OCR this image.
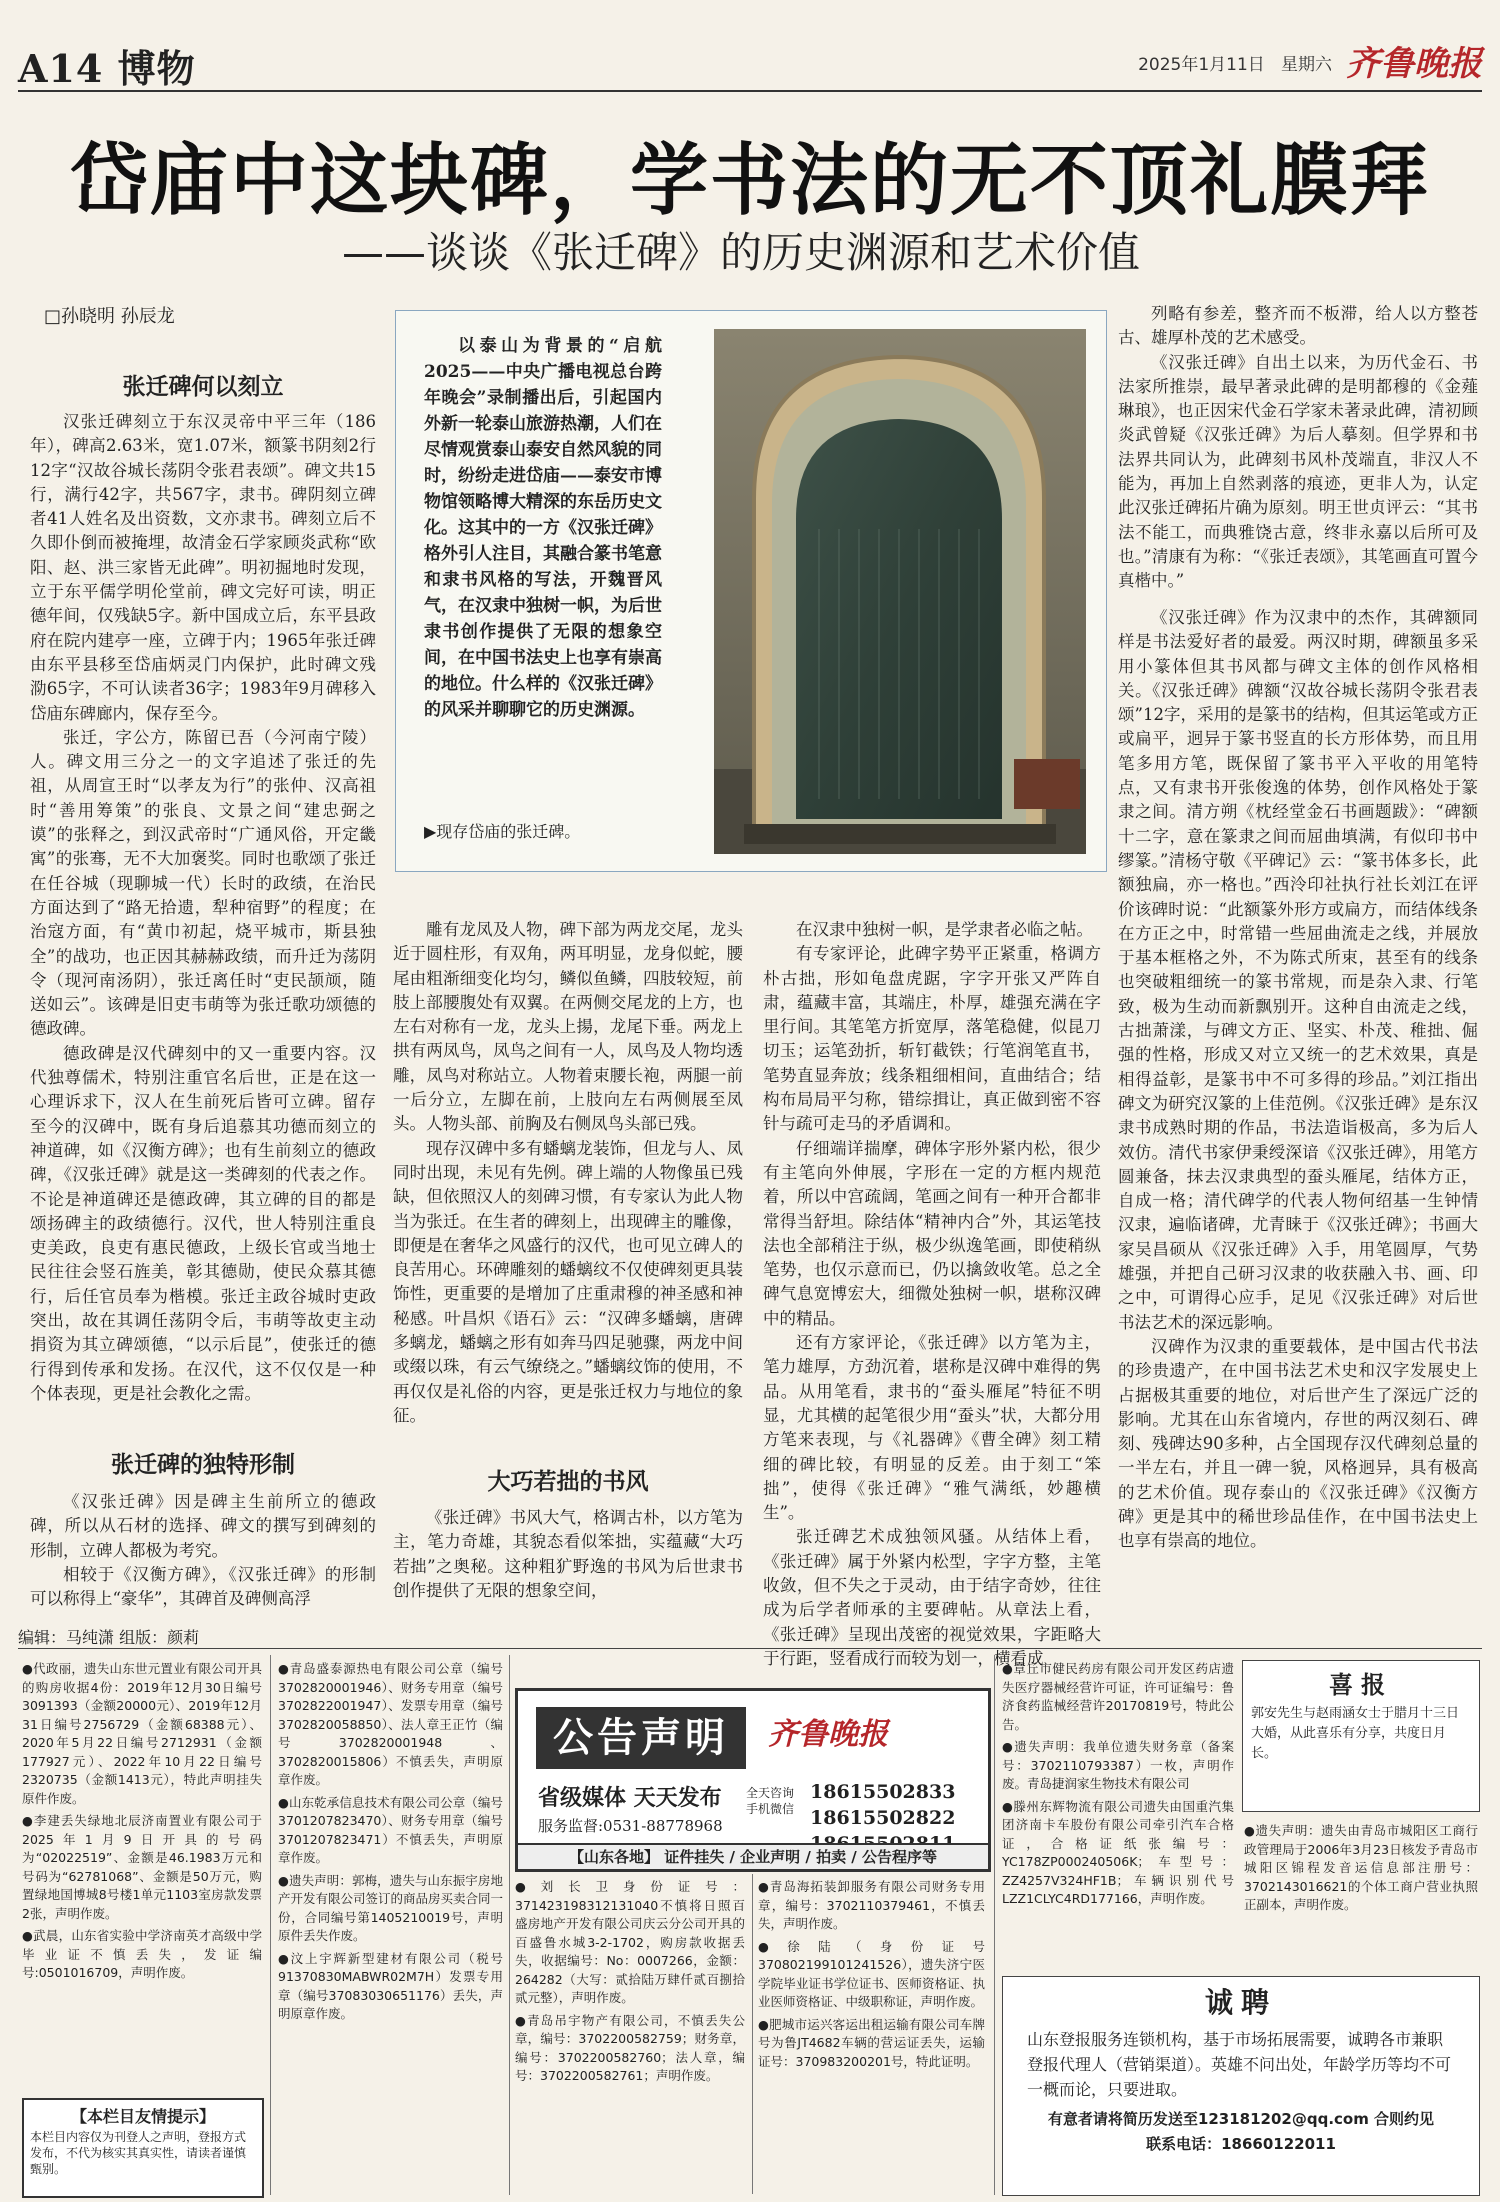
A14 博物	2025年1月11日 星期六 齐鲁晚报
岱庙中这块碑，学书法的无不顶礼膜拜
——谈谈《张迁碑》的历史渊源和艺术价值
□孙晓明 孙辰龙
张迁碑何以刻立

汉张迁碑刻立于东汉灵帝中平三年（186年），碑高2.63米，宽1.07米，额篆书阴刻2行12字“汉故谷城长荡阴令张君表颂”。碑文共15行，满行42字，共567字，隶书。碑阴刻立碑者41人姓名及出资数，文亦隶书。碑刻立后不久即仆倒而被掩埋，故清金石学家顾炎武称“欧阳、赵、洪三家皆无此碑”。明初掘地时发现，立于东平儒学明伦堂前，碑文完好可读，明正德年间，仅残缺5字。新中国成立后，东平县政府在院内建亭一座，立碑于内；1965年张迁碑由东平县移至岱庙炳灵门内保护，此时碑文残泐65字，不可认读者36字；1983年9月碑移入岱庙东碑廊内，保存至今。

张迁，字公方，陈留已吾（今河南宁陵）人。碑文用三分之一的文字追述了张迁的先祖，从周宣王时“以孝友为行”的张仲、汉高祖时“善用筹策”的张良、文景之间“建忠弼之谟”的张释之，到汉武帝时“广通风俗，开定畿寓”的张骞，无不大加褒奖。同时也歌颂了张迁在任谷城（现聊城一代）长时的政绩，在治民方面达到了“路无拾遗，犁种宿野”的程度；在治寇方面，有“黄巾初起，烧平城市，斯县独全”的战功，也正因其赫赫政绩，而升迁为荡阴令（现河南汤阴），张迁离任时“吏民颉颃，随送如云”。该碑是旧吏韦萌等为张迁歌功颂德的德政碑。

德政碑是汉代碑刻中的又一重要内容。汉代独尊儒术，特别注重官名后世，正是在这一心理诉求下，汉人在生前死后皆可立碑。留存至今的汉碑中，既有身后追慕其功德而刻立的神道碑，如《汉衡方碑》；也有生前刻立的德政碑，《汉张迁碑》就是这一类碑刻的代表之作。不论是神道碑还是德政碑，其立碑的目的都是颂扬碑主的政绩德行。汉代，世人特别注重良吏美政，良吏有惠民德政，上级长官或当地士民往往会竖石旌美，彰其德勋，使民众慕其德行，后任官员奉为楷模。张迁主政谷城时吏政突出，故在其调任荡阴令后，韦萌等故吏主动捐资为其立碑颂德，“以示后昆”，使张迁的德行得到传承和发扬。在汉代，这不仅仅是一种个体表现，更是社会教化之需。

张迁碑的独特形制

《汉张迁碑》因是碑主生前所立的德政碑，所以从石材的选择、碑文的撰写到碑刻的形制，立碑人都极为考究。

相较于《汉衡方碑》，《汉张迁碑》的形制可以称得上“豪华”，其碑首及碑侧高浮

以泰山为背景的“启航2025——中央广播电视总台跨年晚会”录制播出后，引起国内外新一轮泰山旅游热潮，人们在尽情观赏泰山泰安自然风貌的同时，纷纷走进岱庙——泰安市博物馆领略博大精深的东岳历史文化。这其中的一方《汉张迁碑》格外引人注目，其融合篆书笔意和隶书风格的写法，开魏晋风气，在汉隶中独树一帜，为后世隶书创作提供了无限的想象空间，在中国书法史上也享有崇高的地位。什么样的《汉张迁碑》的风采并聊聊它的历史渊源。

▶现存岱庙的张迁碑。

雕有龙凤及人物，碑下部为两龙交尾，龙头近于圆柱形，有双角，两耳明显，龙身似蛇，腰尾由粗渐细变化均匀，鳞似鱼鳞，四肢较短，前肢上部腰腹处有双翼。在两侧交尾龙的上方，也左右对称有一龙，龙头上揚，龙尾下垂。两龙上拱有两凤鸟，凤鸟之间有一人，凤鸟及人物均透雕，凤鸟对称站立。人物着束腰长袍，两腿一前一后分立，左脚在前，上肢向左右两侧展至凤头。人物头部、前胸及右侧凤鸟头部已残。

现存汉碑中多有蟠螭龙装饰，但龙与人、凤同时出现，未见有先例。碑上端的人物像虽已残缺，但依照汉人的刻碑习惯，有专家认为此人物当为张迁。在生者的碑刻上，出现碑主的雕像，即便是在奢华之风盛行的汉代，也可见立碑人的良苦用心。环碑雕刻的蟠螭纹不仅使碑刻更具装饰性，更重要的是增加了庄重肃穆的神圣感和神秘感。叶昌炽《语石》云：“汉碑多蟠螭，唐碑多螭龙，蟠螭之形有如奔马四足驰骤，两龙中间或缀以珠，有云气缭绕之。”蟠螭纹饰的使用，不再仅仅是礼俗的内容，更是张迁权力与地位的象征。

大巧若拙的书风

《张迁碑》书风大气，格调古朴，以方笔为主，笔力奇雄，其貌态看似笨拙，实蕴藏“大巧若拙”之奥秘。这种粗犷野逸的书风为后世隶书创作提供了无限的想象空间，

在汉隶中独树一帜，是学隶者必临之帖。

有专家评论，此碑字势平正紧重，格调方朴古拙，形如龟盘虎踞，字字开张又严阵自肃，蕴藏丰富，其端庄，朴厚，雄强充满在字里行间。其笔笔方折宽厚，落笔稳健，似昆刀切玉；运笔劲折，斩钉截铁；行笔润笔直书，笔势直显奔放；线条粗细相间，直曲结合；结构布局局平匀称，错综揖让，真正做到密不容针与疏可走马的矛盾调和。

仔细端详揣摩，碑体字形外紧内松，很少有主笔向外伸展，字形在一定的方框内规范着，所以中宫疏阔，笔画之间有一种开合都非常得当舒坦。除结体“精神内合”外，其运笔技法也全部稍注于纵，极少纵逸笔画，即使稍纵笔势，也仅示意而已，仍以擒敛收笔。总之全碑气息宽博宏大，细微处独树一帜，堪称汉碑中的精品。

还有方家评论，《张迁碑》以方笔为主，笔力雄厚，方劲沉着，堪称是汉碑中难得的隽品。从用笔看，隶书的“蚕头雁尾”特征不明显，尤其横的起笔很少用“蚕头”状，大都分用方笔来表现，与《礼器碑》《曹全碑》刻工精细的碑比较，有明显的反差。由于刻工“笨拙”，使得《张迁碑》“雅气满纸，妙趣横生”。

张迁碑艺术成独领风骚。从结体上看，《张迁碑》属于外紧内松型，字字方整，主笔收敛，但不失之于灵动，由于结字奇妙，往往成为后学者师承的主要碑帖。从章法上看，《张迁碑》呈现出茂密的视觉效果，字距略大于行距，竖看成行而较为划一，横看成

列略有参差，整齐而不板滞，给人以方整苍古、雄厚朴茂的艺术感受。

《汉张迁碑》自出土以来，为历代金石、书法家所推崇，最早著录此碑的是明都穆的《金薤琳琅》，也正因宋代金石学家未著录此碑，清初顾炎武曾疑《汉张迁碑》为后人摹刻。但学界和书法界共同认为，此碑刻书风朴茂端直，非汉人不能为，再加上自然剥落的痕迹，更非人为，认定此汉张迁碑拓片确为原刻。明王世贞评云：“其书法不能工，而典雅饶古意，终非永嘉以后所可及也。”清康有为称：“《张迁表颂》，其笔画直可置今真楷中。”

《汉张迁碑》作为汉隶中的杰作，其碑额同样是书法爱好者的最爱。两汉时期，碑额虽多采用小篆体但其书风都与碑文主体的创作风格相关。《汉张迁碑》碑额“汉故谷城长荡阴令张君表颂”12字，采用的是篆书的结构，但其运笔或方正或扁平，迥异于篆书竖直的长方形体势，而且用笔多用方笔，既保留了篆书平入平收的用笔特点，又有隶书开张俊逸的体势，创作风格处于篆隶之间。清方朔《枕经堂金石书画题跋》：“碑额十二字，意在篆隶之间而屈曲填满，有似印书中缪篆。”清杨守敬《平碑记》云：“篆书体多长，此额独扁，亦一格也。”西泠印社执行社长刘江在评价该碑时说：“此额篆外形方或扁方，而结体线条在方正之中，时常错一些屈曲流走之线，并展放于基本框格之外，不为陈式所束，甚至有的线条也突破粗细统一的篆书常规，而是杂入隶、行笔致，极为生动而新飘别开。这种自由流走之线，古拙萧漾，与碑文方正、坚实、朴茂、稚拙、倔强的性格，形成又对立又统一的艺术效果，真是相得益彰，是篆书中不可多得的珍品。”刘江指出碑文为研究汉篆的上佳范例。《汉张迁碑》是东汉隶书成熟时期的作品，书法造诣极高，多为后人效仿。清代书家伊秉绶深谙《汉张迁碑》，用笔方圆兼备，抹去汉隶典型的蚕头雁尾，结体方正，自成一格；清代碑学的代表人物何绍基一生钟情汉隶，遍临诸碑，尤青睐于《汉张迁碑》；书画大家吴昌硕从《汉张迁碑》入手，用笔圆厚，气势雄强，并把自己研习汉隶的收获融入书、画、印之中，可谓得心应手，足见《汉张迁碑》对后世书法艺术的深远影响。

汉碑作为汉隶的重要载体，是中国古代书法的珍贵遗产，在中国书法艺术史和汉字发展史上占据极其重要的地位，对后世产生了深远广泛的影响。尤其在山东省境内，存世的两汉刻石、碑刻、残碑达90多种，占全国现存汉代碑刻总量的一半左右，并且一碑一貌，风格迥异，具有极高的艺术价值。现存泰山的《汉张迁碑》《汉衡方碑》更是其中的稀世珍品佳作，在中国书法史上也享有崇高的地位。

编辑：马纯潇 组版：颜莉

●代政丽，遗失山东世元置业有限公司开具的购房收据4份：2019年12月30日编号3091393（金额20000元）、2019年12月31日编号2756729（金额68388元）、2020年5月22日编号2712931（金额177927元）、2022年10月22日编号2320735（金额1413元），特此声明挂失原件作废。

●李建丢失绿地北辰济南置业有限公司于2025年1月9日开具的号码为“02022519”、金额是46.1983万元和号码为“62781068”、金额是50万元，购置绿地国博城8号楼1单元1103室房款发票2张，声明作废。

●武晨，山东省实验中学济南英才高级中学毕业证不慎丢失，发证编号:0501016709，声明作废。

【本栏目友情提示】
本栏目内容仅为刊登人之声明，登报方式发布，不代为核实其真实性，请读者谨慎甄别。

●青岛盛泰源热电有限公司公章（编号3702820001946）、财务专用章（编号3702822001947）、发票专用章（编号3702820058850）、法人章王正竹（编号3702820001948、3702820015806）不慎丢失，声明原章作废。

●山东乾承信息技术有限公司公章（编号3701207823470）、财务专用章（编号3701207823471）不慎丢失，声明原章作废。

●遗失声明：郭梅，遗失与山东振宇房地产开发有限公司签订的商品房买卖合同一份，合同编号第1405210019号，声明原件丢失作废。

●汶上宇辉新型建材有限公司（税号91370830MABWR02M7H）发票专用章（编号37083030651176）丢失，声明原章作废。

公告声明	齐鲁晚报
省级媒体 天天发布
服务监督:0531-88778968
全天咨询 手机微信
18615502833
18615502822
【山东各地】 证件挂失 / 企业声明 / 拍卖 / 公告程序等

●刘长卫身份证号：371423198312131040不慎将日照百盛房地产开发有限公司庆云分公司开具的百盛鲁水城3-2-1702，购房款收据丢失，收据编号：No：0007266，金额：264282（大写：贰拾陆万肆仟贰百捌拾贰元整），声明作废。

●青岛吊宇物产有限公司，不慎丢失公章，编号：3702200582759；财务章，编号：3702200582760；法人章，编号：3702200582761；声明作废。

●青岛海拓装卸服务有限公司财务专用章，编号：3702110379461，不慎丢失，声明作废。

●徐陆（身份证号370802199101241526），遗失济宁医学院毕业证书学位证书、医师资格证、执业医师资格证、中级职称证，声明作废。

●肥城市运兴客运出租运输有限公司车牌号为鲁JT4682车辆的营运证丢失，运输证号：370983200201号，特此证明。

●章丘市健民药房有限公司开发区药店遗失医疗器械经营许可证，许可证编号：鲁济食药监械经营许20170819号，特此公告。

●遗失声明：我单位遗失财务章（备案号：3702110793387）一枚，声明作废。青岛捷润家生物技术有限公司

●滕州东辉物流有限公司遗失由国重汽集团济南卡车股份有限公司牵引汽车合格证，合格证纸张编号：YC178ZP000240506K；车型号：ZZ4257V324HF1B；车辆识别代号LZZ1CLYC4RD177166，声明作废。

喜报
郭安先生与赵雨涵女士于腊月十三日大婚，从此喜乐有分享，共度日月长。

●遗失声明：遗失由青岛市城阳区工商行政管理局于2006年3月23日核发予青岛市城阳区锦程发音运信息部注册号：3702143016621的个体工商户营业执照正副本，声明作废。

诚聘
山东登报服务连锁机构，基于市场拓展需要，诚聘各市兼职登报代理人（营销渠道）。英雄不问出处，年龄学历等均不可一概而论，只要进取。
有意者请将简历发送至123181202@qq.com 合则约见
联系电话：18660122011
